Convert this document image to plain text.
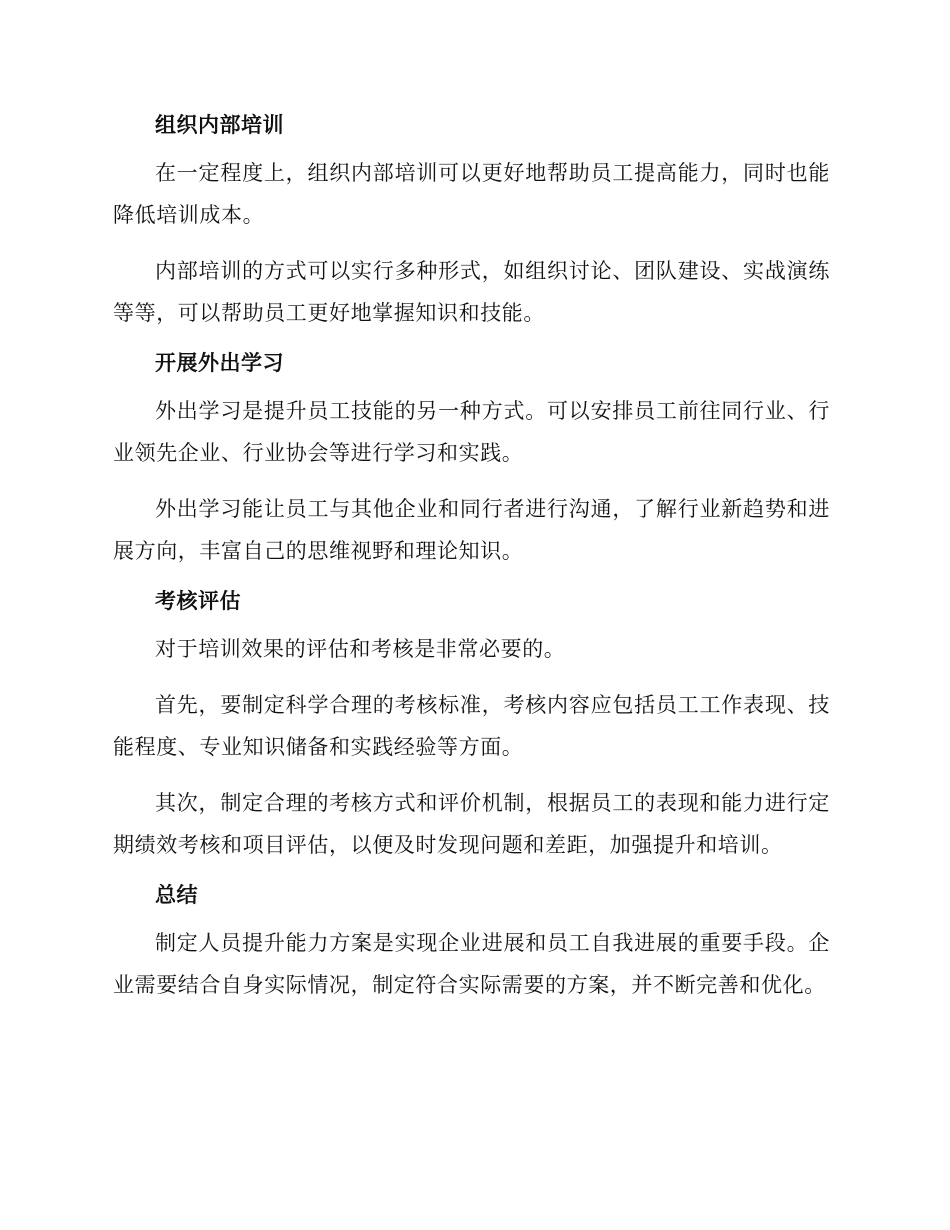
组织内部培训

在一定程度上，组织内部培训可以更好地帮助员工提高能力，同时也能降低培训成本。

内部培训的方式可以实行多种形式，如组织讨论、团队建设、实战演练等等，可以帮助员工更好地掌握知识和技能。

开展外出学习

外出学习是提升员工技能的另一种方式。可以安排员工前往同行业、行业领先企业、行业协会等进行学习和实践。

外出学习能让员工与其他企业和同行者进行沟通，了解行业新趋势和进展方向，丰富自己的思维视野和理论知识。

考核评估

对于培训效果的评估和考核是非常必要的。

首先，要制定科学合理的考核标准，考核内容应包括员工工作表现、技能程度、专业知识储备和实践经验等方面。

其次，制定合理的考核方式和评价机制，根据员工的表现和能力进行定期绩效考核和项目评估，以便及时发现问题和差距，加强提升和培训。

总结

制定人员提升能力方案是实现企业进展和员工自我进展的重要手段。企业需要结合自身实际情况，制定符合实际需要的方案，并不断完善和优化。
